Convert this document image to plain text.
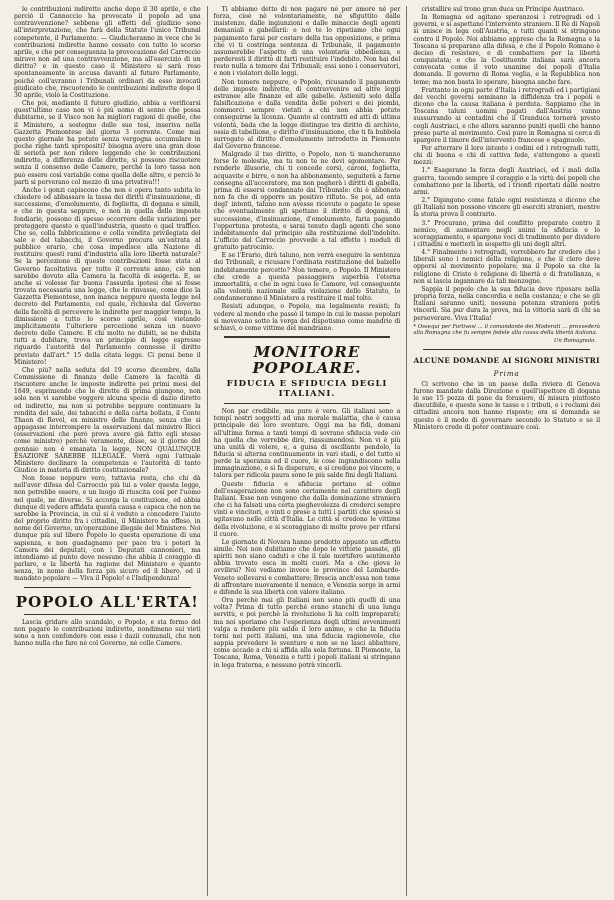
le contribuzioni indirette anche dopo il 30 aprile, e che perciò il Cannoccio ha provocato il popolo ad una contravvenzione? sebbene gli effetti del giudizio sono all'interpretazione, che farà della Statuto l'unico Tribunal competente, il Parlamento. — Giudicheranno in vece che le contribuzioni indirette hanno cessato con tutto lo scorso aprile, e che per conseguenza la provocazione del Carroccio miravo non ad una contravvenzione, ma all'esercizio di un diritto? e in questo caso il Ministero si sarà reso spontaneamente in accusa davanti al futuro Parlamento, poiché coll'avranno i Tribunali ordinari da esso invocati giudicato che, riscuotendo le contribuzioni indirette dopo il 30 aprile, violò la Costituzione.

Che poi, mediante il futuro giudizio, abbia a verificarsi quest'ultimo caso non vi è più uomo di senno che possa dubitarne, se il Visco non ha migliori ragioni di quelle, che il Ministero, a sostegno delle sue tesi, inseriva nella Gazzetta Piemontese del giorno 3 corrente. Come mai questo giornale ha potuto senza vergogna accumulare in poche righe tanti spropositi? bisogna avere una gran dose di serietà per non ridere leggendo che le contribuzioni indirette, a differenza delle dirette, si possono riscuotere senza il consenso delle Camere, perchè la loro tassa non può essere così variabile come quella delle altre, e perciò le parti si perverano col mezzo di una privativa!!!

Anche i gonzi capiscono che non è opera tanto subita lo chiedere od abbassare la tassa dei diritti d'insinuazione, di successione, d'emolumento, di foglietta, di dogana e simili, e che in questa seppure, e non in quella delle imposte fondiarie, possono di spesso occorrere delle variazioni per proteggere questo o quell'industria, questo o quel traffico. Che se, colla fabbricazione e colla vendita privilegiata del sale e del tabacchi, il Governo procura un'entrata al pubblico erario, che cosa impedisce alla Nazione di restituire questi rami d'industria alla loro libertà naturale? Se la percezione di queste contribuzioni fosse stata al Governo facoltativa per tutto il corrente anno, ciò non sarebbe dovuto alla Camera la facoltà di esigerla. E, se anche si volesse far buona l'assurda ipotesi che si fosse trovata necessaria una legge, che le rinvasse, come dice la Gazzetta Piemontese, non manca neppure questa legge nel decreto del Parlamento, col quale, richiesta dal Governo della facoltà di percevere le indirette per maggior tempo, la dimissione a tutto lo scorso aprile, così vietando implicitamente l'ulteriore percezione senza un nuovo decreto delle Camere. E chi molto ne dubiti, se ne dubita tutti a dubitare, trova un principio di legge espresso riguardo l'autorità del Parlamento connesse il diritto previsto dall'art.° 15 della citata legge. Ci pensi bene il Ministero!

Che più? nella seduta del 19 scorso dicembre, dalla Commissione di finanza delle Camere la facoltà di riscuotere anche le imposte indirette pei primi mesi del 1849, esprimendo che le dirette di prima giungono, non solo non vi sarebbe veggere alcuna specie di dazio diretto od indiretto, ma non si potrebbe neppure continuare la rendita del sale, dei tabacchi e della carta bollata, il Conte Thaon di Revel, ex ministro delle finanze, senza che si appagasse interrompere la osservazioni dal ministro Ricci (osservazioni che però prova avere già fatto egli stesso come ministro) perchè veramente, disse, se il giorno del gennaio non è emanata la legge, NON QUALUNQUE ESAZIONE SAREBBE ILLEGALE. Vorrà ogni l'attuale Ministero declinare la competenza e l'autorità di tanto Giudice in materia di diritto costituzionale?

Non fosse neppure vero, tuttavia resta, che chi dà nell'aver difesa del Carroccio più lui a voler questa legge, non potrebbe essere, e un luogo di riuscita così per l'uomo nel quale, ne diverse. Si accorga la costituzione, ed abbia dunque di vedere affidata questa causa e capsca che non ne sarebbe la Provincia, in cui si è veduto a concedere l'aiuto del proprio diritto fra i cittadini, il Ministero ha offeso, in nome del Governo, un'operazione illegale del Ministero. Noi dunque più sul libero Popolo lo questa operazione di una sapienza, e non guadagnamo per pace tra i poteri la Camera dei deputati, con i Deputati cannonieri, ma intendiamo al punto dove nessuno che abbia il coraggio di parlare, e la libertà ha ragione del Ministero e quanto senza, in nome della forza più sicuro ed il libero, ed il mandato popolare — Viva il Popolo! e l'Indipendenza!

POPOLO ALL'ERTA!

Lascia gridare allo scandalo, o Popolo, e sta fermo del non pagare le contribuzioni indirette, nondimeno sui vieti sono a non confondere con esse i dazii comunali, che non hanno nulla che fare nè col Governo, nè colle Camere.

Ti abbiamo detto di non pagare nè per amore nè per forza, cioè nè volontariamente, nè sfiguttito dalle insistenze, dalle ingiunzioni e dalle minaccie degli agenti demaniali e gabellarii: e noi te lo ripetiamo che ogni pagamento farai per costare della tua opposizione, e prima che vi ti costringa sentenza di Tribunale, il pagamento assumerebbe l'aspetto di una volontaria obbedienza, e perderesti il diritto di farti restituire l'indebito. Non hai del resto nulla a temere dai Tribunali; essi sono i conservatori, e non i violatori delle leggi.

Non temere neppure, o Popolo, ricusando il pagamento delle imposte indirette, di contravvenire ad altre leggi estranee alle finanze ed alle gabelle. Astieniti solo dalla falsificazione e dalla vendita delle polveri e dei piombi, commerci sempre vietati a chi non abbia potuto conseguirne la licenza. Quanto al contratti ed atti di ultima volontà, bada che la legge distingue tra diritto di archivio, ossia di tabellione, e diritto d'insinuazione, che ti fa bubbola surrogato al diritto d'emolumento introdotto in Piemonte dal Governo francese.

Malgrado il tuo diritto, o Popolo, non ti mancheranno forse le molestie, ma tu non te ne devi sgomentare. Per renderle illusorie, chi ti concede corsi, caroni, foglietta, acquavite e birre, o non ha abbonamento, seguiterà a farne consegna all'acceratore, ma non pagherà i diritti di gabella, prima di essersi condannato dai Tribunale: chi è abbonato non fa che di opporre un positivo rifiuto. Se poi, ad onta degl' intenti, taluno non avesse ricevuto o pagato le spese che eventualmente gli spettano il diritto di dogana, di successione, d'insinuazione, d'emolumento, faria pagando l'opportuna protesta, e sarai tenuto dagli agenti che sono indebitamente dal principio alla restituzione dell'indebito. L'ufficio del Carroccio provvede a tal effetto i moduli di gratuito patrocinio.

E se l'Erario, dirà taluno, non verrà eseguire la sentenza dei Tribunali, e ricusare l'ordinata restituzione del balzello indebitamente percetto? Non temere, o Popolo. Il Ministero che crede a questa passaggiera superbia l'eterna immortalità, e che in ogni caso le Camere, vel conseguente alla volontà nazionale sulla violazione dello Statuto, lo condanneranno il Ministero a restituire il mal tolto.

Resisti adunque, o Popolo, ma legalmente resisti; fa vedere al mondo che passò il tempo in cui le masse popolari si movevano sotto la verga del dispotismo come mandrie di schiavi, o come vittime del mandriano.

MONITORE POPOLARE.
FIDUCIA E SFIDUCIA DEGLI ITALIANI.

Non par credibile, ma pure è vero. Gli italiani sono a tempi nostri soggetti ad una morale malattia, che è causa principale dei loro sventure. Oggi ma ha fidi, domani all'ultima forma a tanti tempi di sovrane sfiducia vede ciò ha quella che vorrebbe dire, riassumendosi. Non vi è più una unità di volere, e, a guisa di oscillante pendolo, la fiducia si alterna continuamente in vari stadi, e del tutto si perde la speranza ed il cuore, le cose ingrandiscono nella immaginazione, e si fa disperare, e si credono poi vincere, e talora per ridicola paura sono le più salde fini degli Italiani.

Queste fiducia e sfiducia portano al colmo dell'esagerazione non sono certamente nel carattere degli Italiani. Esse non vengono che dalla dominazione straniera che ci ha falsati una certa pieghevolezza di crederci sempre vinti e vincitori, e vinti o prese a tutti i partiti che spesso si agitavano nelle città d'Italia. Le città si credono le vittime della rivoluzione, e si scoraggiano di molte prove per rifarsi il cuore.

Le giornate di Novara hanno prodotto appunto un effetto simile. Noi non dubitiamo che dopo le vittorie passate, gli spiriti non siano caduti e che il tale mortifero sentimento abbia trovato esca in molti cuori. Ma a che giova lo avvilirsi? Noi vediamo invece le province del Lombardo-Veneto sollevarsi e combattere; Brescia anch'essa non teme di affrontare nuovamente il nemico, e Venezia sorge in armi e difende la sua libertà con valore italiano.

Ora perchè mai gli Italiani non sono più quelli di una volta? Prima di tutto perchè erano stanchi di una lunga servitù, e poi perchè la rivoluzione li ha colti impreparati; ma noi speriamo che l'esperienza degli ultimi avvenimenti valga a rendere più saldo il loro animo, e che la fiducia torni nei petti italiani, ma una fiducia ragionevole, che sappia prevedere le sventure e non se ne lasci abbattere, come accade a chi si affida alla sola fortuna. Il Piemonte, la Toscana, Roma, Venezia e tutti i popoli italiani si stringano in lega fraterna, e nessuno potrà vincerli.

cristallire sul trono gran duca un Principe Austriaco.

In Romagna ed agitano speranzosi i retrogradi ed i governi, e si aspettano l'intervento straniero. Il Re di Napoli si unisce in lega coll'Austria, e tutti quanti si stringono contro il Popolo. Noi abbiamo appreso che la Romagna e la Toscana si preparano alla difesa, e che il Popolo Romano è deciso di resistere, e di combattere per la libertà conquistata; e che la Costituente italiana sarà ancora convocata come il voto unanime dei popoli d'Italia domanda. Il governo di Roma veglia, e la Repubblica non teme; ma non basta lo sperare, bisogna anche fare.

Frattanto in ogni parte d'Italia i retrogradi ed i partigiani dei vecchi governi seminano la diffidenza tra i popoli e dicono che la causa italiana è perduta. Sappiamo che in Toscana taluni uomini pagati dall'Austria vanno sussurrando ai contadini che il Granduca tornerà presto cogli Austriaci, e che allora saranno puniti quelli che hanno preso parte al movimento. Così pure in Romagna si cerca di spargere il timore dell'intervento francese e spagnuolo.

Per atterrare il loro intento i codini ed i retrogradi tutti, chi di buona e chi di cattiva fede, s'attengono a questi mezzi:

1.° Esagerano la forza degli Austriaci, ed i mali della guerra, tacendo sempre il coraggio e la virtù dei popoli che combattono per la libertà, ed i trionfi riportati dalle nostre armi.

2.° Dipingono come fatale ogni resistenza e dicono che gli Italiani non possono vincere gli eserciti stranieri, mentre la storia prova il contrario.

3.° Procurano, prima del conflitto preparato contro il nemico, di aumentare negli animi la sfiducia e lo scoraggiamento, e spargono voci di tradimento per dividere i cittadini e metterli in sospetto gli uni degli altri.

4.° Finalmente i retrogradi, vorrebbero far credere che i liberali sono i nemici della religione, e che il clero deve opporsi al movimento popolare; ma il Popolo sa che la religione di Cristo è religione di libertà e di fratellanza, e non si lascia ingannare da tali menzogne.

Sappia il popolo che la sua fiducia deve riposare nella propria forza, nella concordia e nella costanza; e che se gli Italiani saranno uniti, nessuna potenza straniera potrà vincerli. Sia pur dura la prova, ma la vittoria sarà di chi sa perseverare. Viva l'Italia!

* Ossequi per Forlivesi ... il comandante dei Moderati ... provvederà alla Romagna che fu sempre fedele alla causa della libertà italiana.
Un Romagnolo.
ALCUNE DOMANDE AI SIGNORI MINISTRI
Prima

Ci scrivono che in un paese della riviera di Genova furono mandate dalla Direzione e quell'ispettore di dogana le sue 15 pezza di pane da forasiere, di misura piuttosto discutibile, e queste sono le tasse e i tributi, e i reclami dei cittadini ancora non hanno risposto; ora si domanda se questo è il modo di governare secondo lo Statuto e se il Ministero crede di poter continuare così.
